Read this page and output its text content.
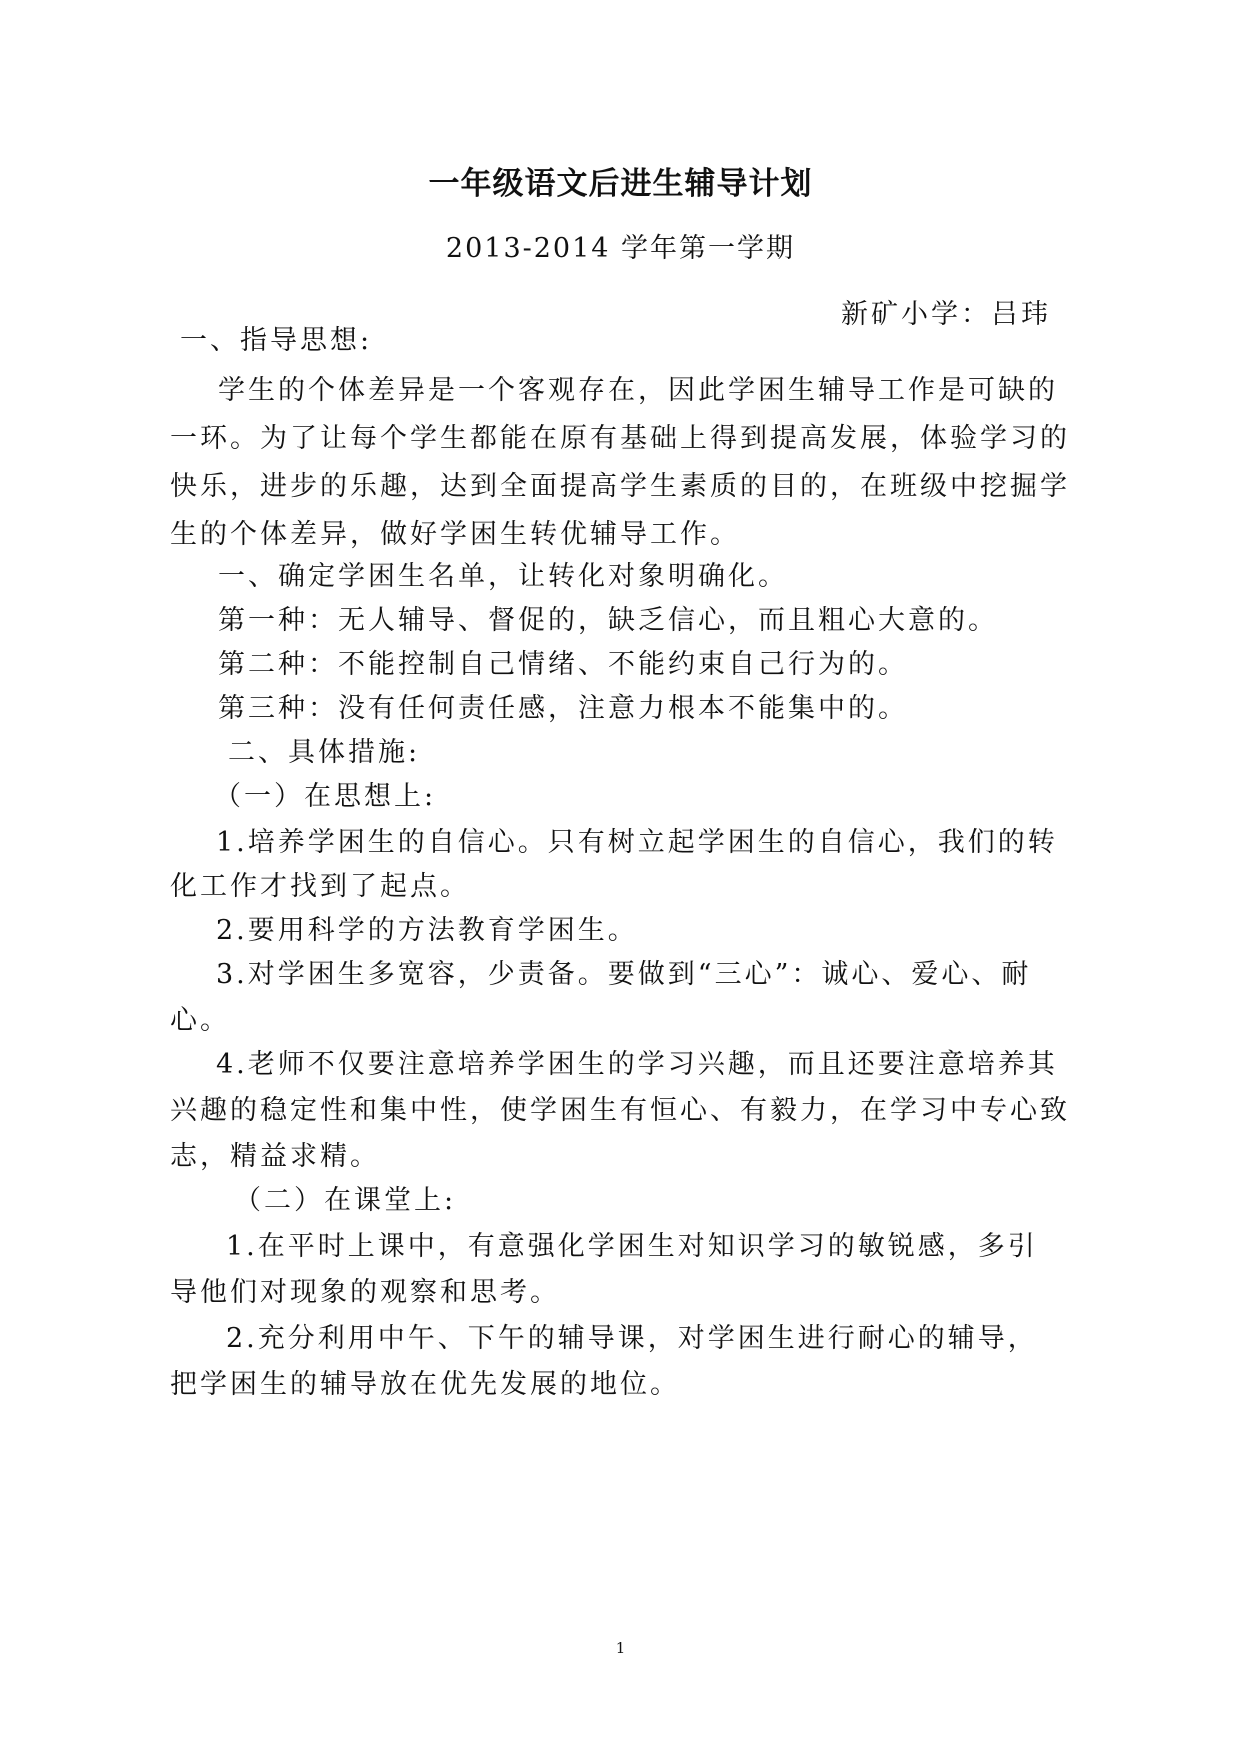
一年级语文后进生辅导计划
2013-2014 学年第一学期
新矿小学：吕玮
一、指导思想:
学生的个体差异是一个客观存在，因此学困生辅导工作是可缺的
一环。为了让每个学生都能在原有基础上得到提高发展，体验学习的
快乐，进步的乐趣，达到全面提高学生素质的目的，在班级中挖掘学
生的个体差异，做好学困生转优辅导工作。
一、确定学困生名单，让转化对象明确化。
第一种：无人辅导、督促的，缺乏信心，而且粗心大意的。
第二种：不能控制自己情绪、不能约束自己行为的。
第三种：没有任何责任感，注意力根本不能集中的。
二、具体措施:
（一）在思想上:
1.培养学困生的自信心。只有树立起学困生的自信心，我们的转
化工作才找到了起点。
2.要用科学的方法教育学困生。
3.对学困生多宽容，少责备。要做到“三心”：诚心、爱心、耐
心。
4.老师不仅要注意培养学困生的学习兴趣，而且还要注意培养其
兴趣的稳定性和集中性，使学困生有恒心、有毅力，在学习中专心致
志，精益求精。
（二）在课堂上:
1.在平时上课中，有意强化学困生对知识学习的敏锐感，多引
导他们对现象的观察和思考。
2.充分利用中午、下午的辅导课，对学困生进行耐心的辅导，
把学困生的辅导放在优先发展的地位。
1
